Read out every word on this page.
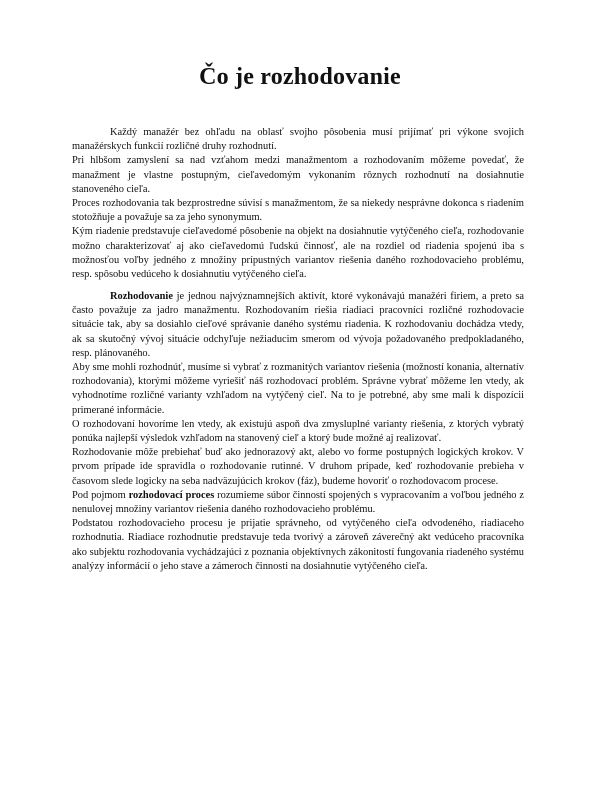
Čo je rozhodovanie

Každý manažér bez ohľadu na oblasť svojho pôsobenia musí prijímať pri výkone svojich manažérskych funkcií rozličné druhy rozhodnutí.

Pri hlbšom zamyslení sa nad vzťahom medzi manažmentom a rozhodovaním môžeme povedať, že manažment je vlastne postupným, cieľavedomým vykonaním rôznych rozhodnutí na dosiahnutie stanoveného cieľa.

Proces rozhodovania tak bezprostredne súvisí s manažmentom, že sa niekedy nesprávne dokonca s riadením stotožňuje a považuje sa za jeho synonymum.

Kým riadenie predstavuje cieľavedomé pôsobenie na objekt na dosiahnutie vytýčeného cieľa, rozhodovanie možno charakterizovať aj ako cieľavedomú ľudskú činnosť, ale na rozdiel od riadenia spojenú iba s možnosťou voľby jedného z množiny prípustných variantov riešenia daného rozhodovacieho problému, resp. spôsobu vedúceho k dosiahnutiu vytýčeného cieľa.

Rozhodovanie je jednou najvýznamnejších aktivít, ktoré vykonávajú manažéri firiem, a preto sa často považuje za jadro manažmentu. Rozhodovaním riešia riadiaci pracovníci rozličné rozhodovacie situácie tak, aby sa dosiahlo cieľové správanie daného systému riadenia. K rozhodovaniu dochádza vtedy, ak sa skutočný vývoj situácie odchyľuje nežiaducim smerom od vývoja požadovaného predpokladaného, resp. plánovaného.

Aby sme mohli rozhodnúť, musíme si vybrať z rozmanitých variantov riešenia (možností konania, alternatív rozhodovania), ktorými môžeme vyriešiť náš rozhodovací problém. Správne vybrať môžeme len vtedy, ak vyhodnotíme rozličné varianty vzhľadom na vytýčený cieľ. Na to je potrebné, aby sme mali k dispozícii primerané informácie.

O rozhodovaní hovoríme len vtedy, ak existujú aspoň dva zmysluplné varianty riešenia, z ktorých vybratý ponúka najlepší výsledok vzhľadom na stanovený cieľ a ktorý bude možné aj realizovať.

Rozhodovanie môže prebiehať buď ako jednorazový akt, alebo vo forme postupných logických krokov. V prvom prípade ide spravidla o rozhodovanie rutinné. V druhom prípade, keď rozhodovanie prebieha v časovom slede logicky na seba nadväzujúcich krokov (fáz), budeme hovoriť o rozhodovacom procese.

Pod pojmom rozhodovací proces rozumieme súbor činností spojených s vypracovaním a voľbou jedného z nenulovej množiny variantov riešenia daného rozhodovacieho problému.

Podstatou rozhodovacieho procesu je prijatie správneho, od vytýčeného cieľa odvodeného, riadiaceho rozhodnutia. Riadiace rozhodnutie predstavuje teda tvorivý a zároveň záverečný akt vedúceho pracovníka ako subjektu rozhodovania vychádzajúci z poznania objektívnych zákonitostí fungovania riadeného systému analýzy informácií o jeho stave a zámeroch činnosti na dosiahnutie vytýčeného cieľa.
